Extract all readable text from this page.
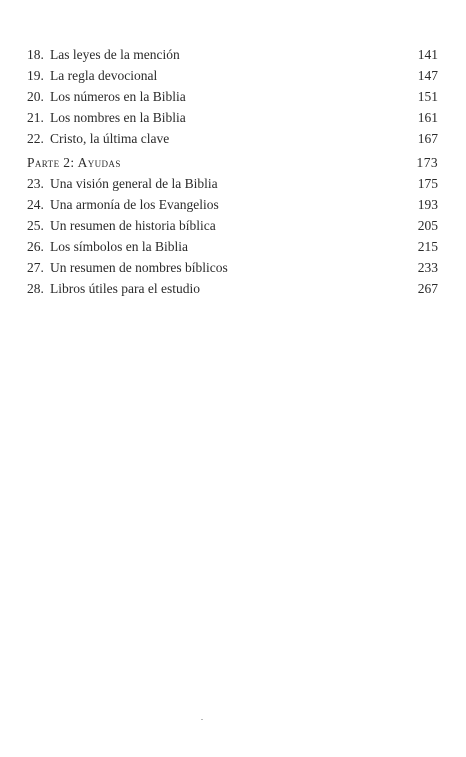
18. Las leyes de la mención	141
19. La regla devocional	147
20. Los números en la Biblia	151
21. Los nombres en la Biblia	161
22. Cristo, la última clave	167
Parte 2: Ayudas	173
23. Una visión general de la Biblia	175
24. Una armonía de los Evangelios	193
25. Un resumen de historia bíblica	205
26. Los símbolos en la Biblia	215
27. Un resumen de nombres bíblicos	233
28. Libros útiles para el estudio	267
